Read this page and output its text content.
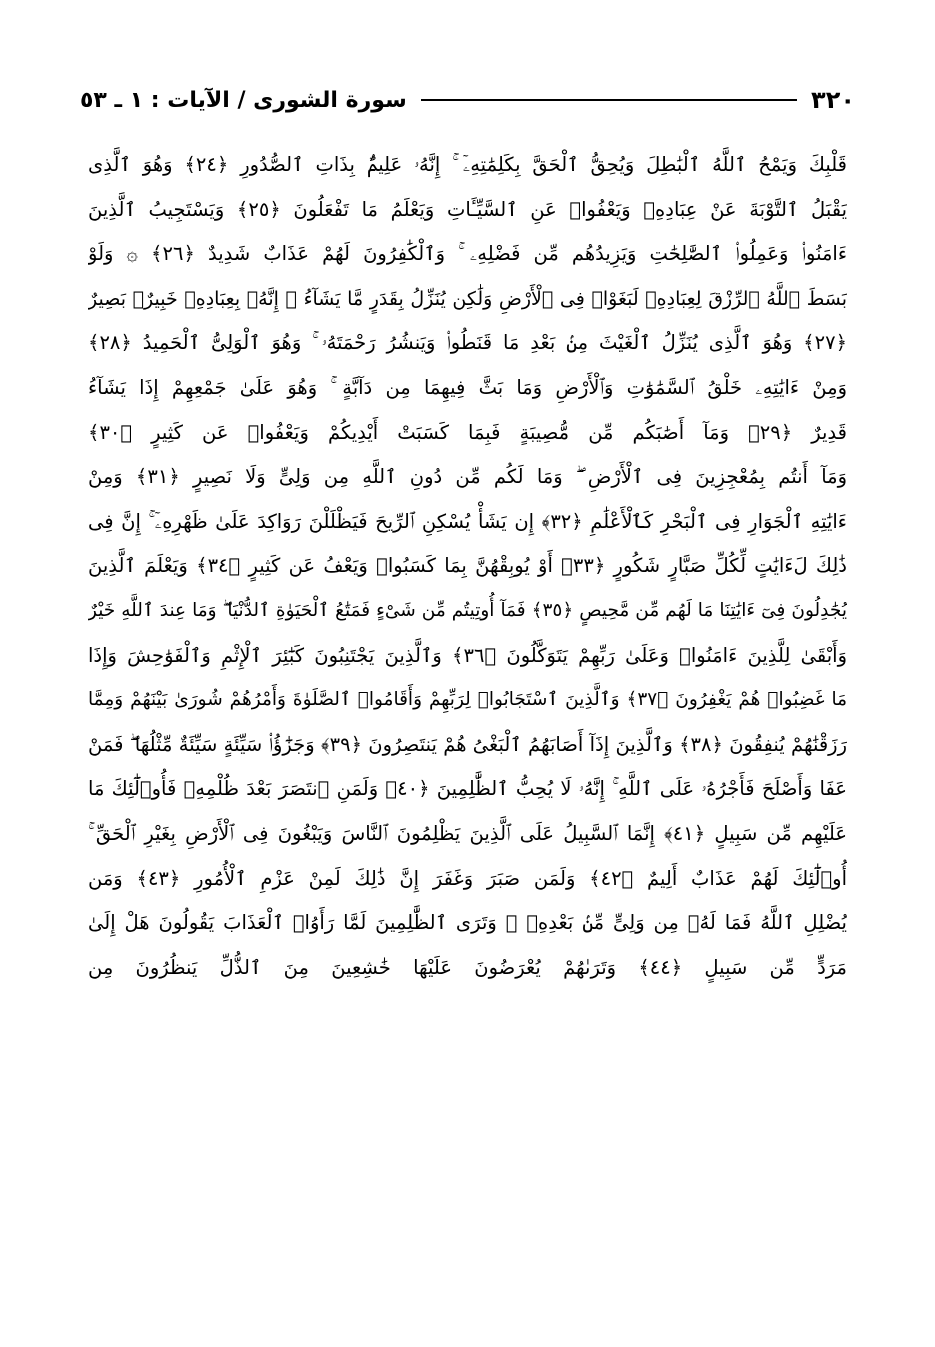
٣٢٠
سورة الشورى / الآيات : ١ ـ ٥٣
قَلْبِكَ وَيَمْحُ ٱللَّهُ ٱلْبَٰطِلَ وَيُحِقُّ ٱلْحَقَّ بِكَلِمَٰتِهِۦٓ ۚ إِنَّهُۥ عَلِيمٌۢ بِذَاتِ ٱلصُّدُورِ ﴿٢٤﴾ وَهُوَ ٱلَّذِى
يَقْبَلُ ٱلتَّوْبَةَ عَنْ عِبَادِهِۦ وَيَعْفُوا۟ عَنِ ٱلسَّيِّـَٔاتِ وَيَعْلَمُ مَا تَفْعَلُونَ ﴿٢٥﴾ وَيَسْتَجِيبُ ٱلَّذِينَ
ءَامَنُوا۟ وَعَمِلُوا۟ ٱلصَّٰلِحَٰتِ وَيَزِيدُهُم مِّن فَضْلِهِۦ ۚ وَٱلْكَٰفِرُونَ لَهُمْ عَذَابٌ شَدِيدٌ ﴿٢٦﴾ ۞ وَلَوْ
بَسَطَ ٱللَّهُ ٱلرِّزْقَ لِعِبَادِهِۦ لَبَغَوْا۟ فِى ٱلْأَرْضِ وَلَٰكِن يُنَزِّلُ بِقَدَرٍ مَّا يَشَآءُ ۚ إِنَّهُۥ بِعِبَادِهِۦ خَبِيرٌۢ بَصِيرٌ
﴿٢٧﴾ وَهُوَ ٱلَّذِى يُنَزِّلُ ٱلْغَيْثَ مِنۢ بَعْدِ مَا قَنَطُوا۟ وَيَنشُرُ رَحْمَتَهُۥ ۚ وَهُوَ ٱلْوَلِىُّ ٱلْحَمِيدُ ﴿٢٨﴾
وَمِنْ ءَايَٰتِهِۦ خَلْقُ ٱلسَّمَٰوَٰتِ وَٱلْأَرْضِ وَمَا بَثَّ فِيهِمَا مِن دَآبَّةٍ ۚ وَهُوَ عَلَىٰ جَمْعِهِمْ إِذَا يَشَآءُ
قَدِيرٌ ﴿٢٩﴾ وَمَآ أَصَٰبَكُم مِّن مُّصِيبَةٍ فَبِمَا كَسَبَتْ أَيْدِيكُمْ وَيَعْفُوا۟ عَن كَثِيرٍ ﴿٣٠﴾
وَمَآ أَنتُم بِمُعْجِزِينَ فِى ٱلْأَرْضِ ۖ وَمَا لَكُم مِّن دُونِ ٱللَّهِ مِن وَلِىٍّ وَلَا نَصِيرٍ ﴿٣١﴾ وَمِنْ
ءَايَٰتِهِ ٱلْجَوَارِ فِى ٱلْبَحْرِ كَٱلْأَعْلَٰمِ ﴿٣٢﴾ إِن يَشَأْ يُسْكِنِ ٱلرِّيحَ فَيَظْلَلْنَ رَوَاكِدَ عَلَىٰ ظَهْرِهِۦٓ ۚ إِنَّ فِى
ذَٰلِكَ لَءَايَٰتٍ لِّكُلِّ صَبَّارٍ شَكُورٍ ﴿٣٣﴾ أَوْ يُوبِقْهُنَّ بِمَا كَسَبُوا۟ وَيَعْفُ عَن كَثِيرٍ ﴿٣٤﴾ وَيَعْلَمَ ٱلَّذِينَ
يُجَٰدِلُونَ فِىٓ ءَايَٰتِنَا مَا لَهُم مِّن مَّحِيصٍ ﴿٣٥﴾ فَمَآ أُوتِيتُم مِّن شَىْءٍ فَمَتَٰعُ ٱلْحَيَوٰةِ ٱلدُّنْيَا ۖ وَمَا عِندَ ٱللَّهِ خَيْرٌ
وَأَبْقَىٰ لِلَّذِينَ ءَامَنُوا۟ وَعَلَىٰ رَبِّهِمْ يَتَوَكَّلُونَ ﴿٣٦﴾ وَٱلَّذِينَ يَجْتَنِبُونَ كَبَٰٓئِرَ ٱلْإِثْمِ وَٱلْفَوَٰحِشَ وَإِذَا
مَا غَضِبُوا۟ هُمْ يَغْفِرُونَ ﴿٣٧﴾ وَٱلَّذِينَ ٱسْتَجَابُوا۟ لِرَبِّهِمْ وَأَقَامُوا۟ ٱلصَّلَوٰةَ وَأَمْرُهُمْ شُورَىٰ بَيْنَهُمْ وَمِمَّا
رَزَقْنَٰهُمْ يُنفِقُونَ ﴿٣٨﴾ وَٱلَّذِينَ إِذَآ أَصَابَهُمُ ٱلْبَغْىُ هُمْ يَنتَصِرُونَ ﴿٣٩﴾ وَجَزَٰٓؤُا۟ سَيِّئَةٍ سَيِّئَةٌ مِّثْلُهَا ۖ فَمَنْ
عَفَا وَأَصْلَحَ فَأَجْرُهُۥ عَلَى ٱللَّهِ ۚ إِنَّهُۥ لَا يُحِبُّ ٱلظَّٰلِمِينَ ﴿٤٠﴾ وَلَمَنِ ٱنتَصَرَ بَعْدَ ظُلْمِهِۦ فَأُو۟لَٰٓئِكَ مَا
عَلَيْهِم مِّن سَبِيلٍ ﴿٤١﴾ إِنَّمَا ٱلسَّبِيلُ عَلَى ٱلَّذِينَ يَظْلِمُونَ ٱلنَّاسَ وَيَبْغُونَ فِى ٱلْأَرْضِ بِغَيْرِ ٱلْحَقِّ ۚ
أُو۟لَٰٓئِكَ لَهُمْ عَذَابٌ أَلِيمٌ ﴿٤٢﴾ وَلَمَن صَبَرَ وَغَفَرَ إِنَّ ذَٰلِكَ لَمِنْ عَزْمِ ٱلْأُمُورِ ﴿٤٣﴾ وَمَن
يُضْلِلِ ٱللَّهُ فَمَا لَهُۥ مِن وَلِىٍّ مِّنۢ بَعْدِهِۦ ۗ وَتَرَى ٱلظَّٰلِمِينَ لَمَّا رَأَوُا۟ ٱلْعَذَابَ يَقُولُونَ هَلْ إِلَىٰ
مَرَدٍّ مِّن سَبِيلٍ ﴿٤٤﴾ وَتَرَىٰهُمْ يُعْرَضُونَ عَلَيْهَا خَٰشِعِينَ مِنَ ٱلذُّلِّ يَنظُرُونَ مِن
